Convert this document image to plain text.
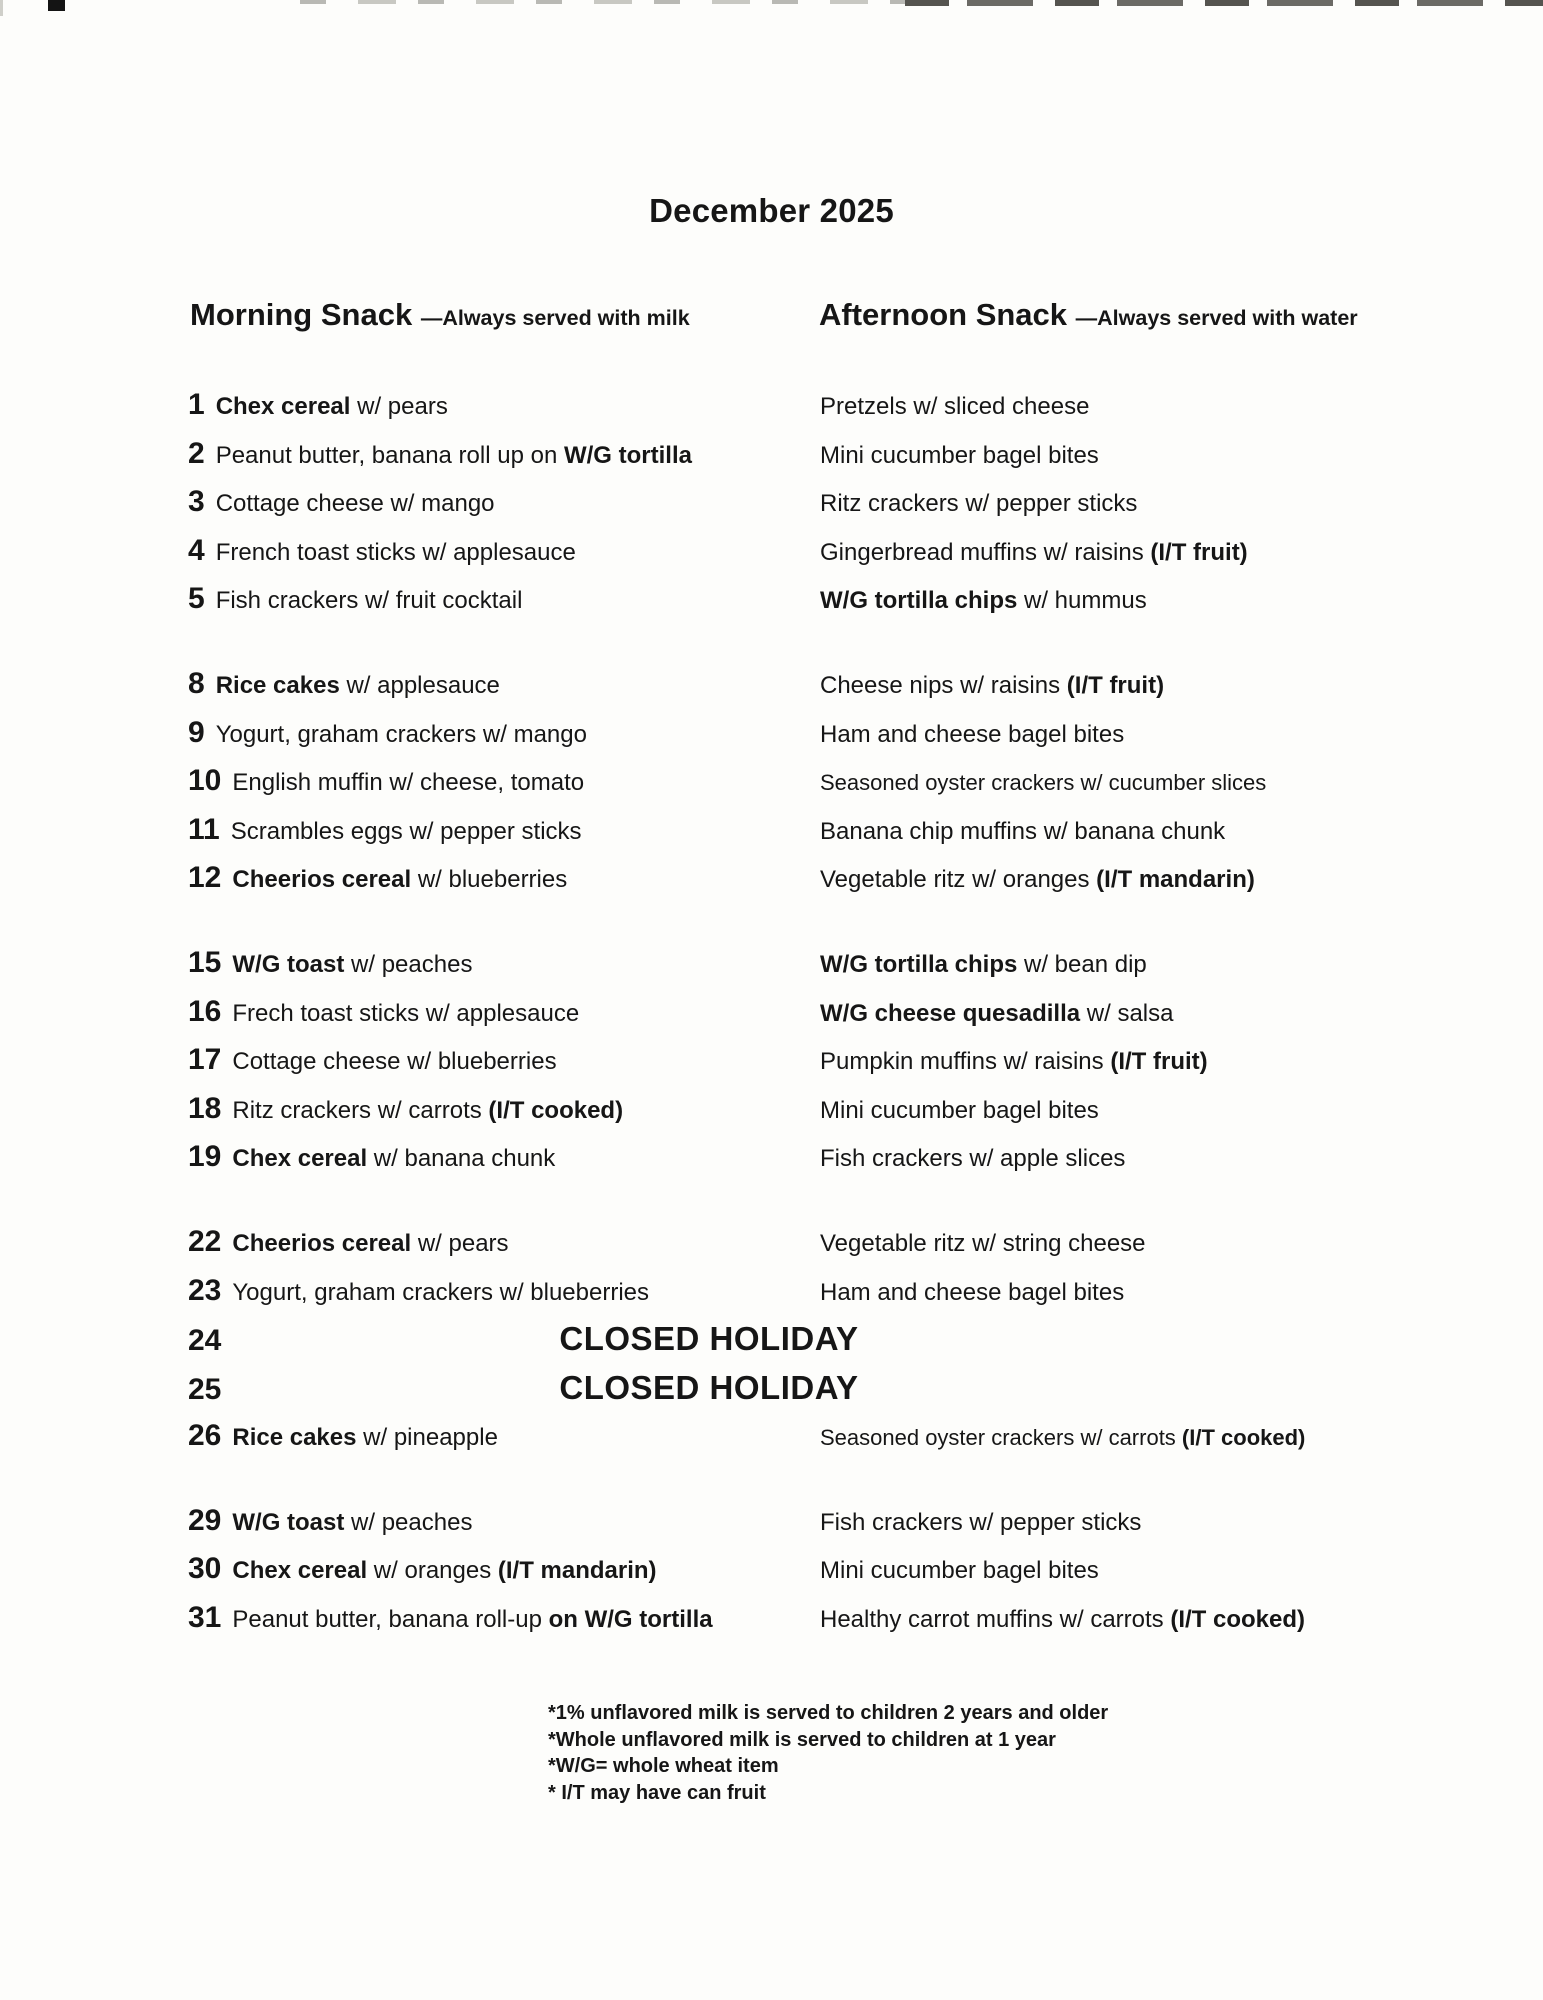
December 2025
Morning Snack —Always served with milk	Afternoon Snack —Always served with water
1 Chex cereal w/ pears	Pretzels w/ sliced cheese
2 Peanut butter, banana roll up on W/G tortilla	Mini cucumber bagel bites
3 Cottage cheese w/ mango	Ritz crackers w/ pepper sticks
4 French toast sticks w/ applesauce	Gingerbread muffins w/ raisins (I/T fruit)
5 Fish crackers w/ fruit cocktail	W/G tortilla chips w/ hummus
8 Rice cakes w/ applesauce	Cheese nips w/ raisins (I/T fruit)
9 Yogurt, graham crackers w/ mango	Ham and cheese bagel bites
10 English muffin w/ cheese, tomato	Seasoned oyster crackers w/ cucumber slices
11 Scrambles eggs w/ pepper sticks	Banana chip muffins w/ banana chunk
12 Cheerios cereal w/ blueberries	Vegetable ritz w/ oranges (I/T mandarin)
15 W/G toast w/ peaches	W/G tortilla chips w/ bean dip
16 Frech toast sticks w/ applesauce	W/G cheese quesadilla w/ salsa
17 Cottage cheese w/ blueberries	Pumpkin muffins w/ raisins (I/T fruit)
18 Ritz crackers w/ carrots (I/T cooked)	Mini cucumber bagel bites
19 Chex cereal w/ banana chunk	Fish crackers w/ apple slices
22 Cheerios cereal w/ pears	Vegetable ritz w/ string cheese
23 Yogurt, graham crackers w/ blueberries	Ham and cheese bagel bites
24	CLOSED HOLIDAY
25	CLOSED HOLIDAY
26 Rice cakes w/ pineapple	Seasoned oyster crackers w/ carrots (I/T cooked)
29 W/G toast w/ peaches	Fish crackers w/ pepper sticks
30 Chex cereal w/ oranges (I/T mandarin)	Mini cucumber bagel bites
31 Peanut butter, banana roll-up on W/G tortilla	Healthy carrot muffins w/ carrots (I/T cooked)
*1% unflavored milk is served to children 2 years and older
*Whole unflavored milk is served to children at 1 year
*W/G= whole wheat item
* I/T may have can fruit
